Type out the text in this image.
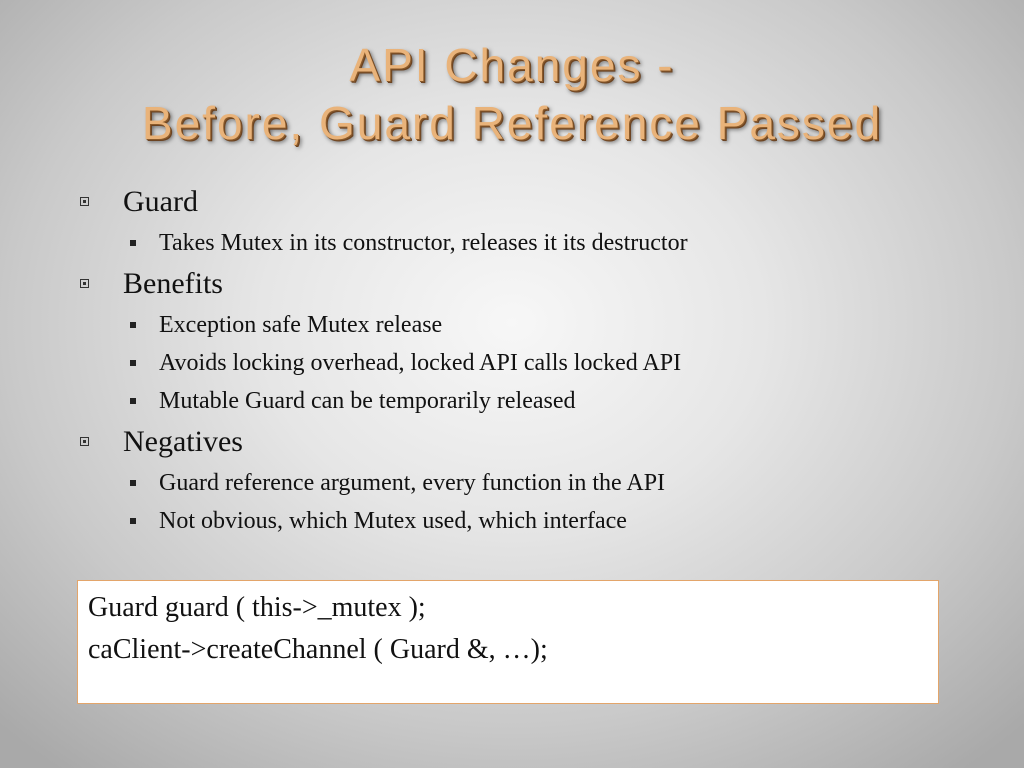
API Changes -
Before, Guard Reference Passed
Guard
Takes Mutex in its constructor, releases it its destructor
Benefits
Exception safe Mutex release
Avoids locking overhead, locked API calls locked API
Mutable Guard can be temporarily released
Negatives
Guard reference argument, every function in the API
Not obvious, which Mutex used, which interface
Guard guard ( this->_mutex );
caClient->createChannel ( Guard &, …);
